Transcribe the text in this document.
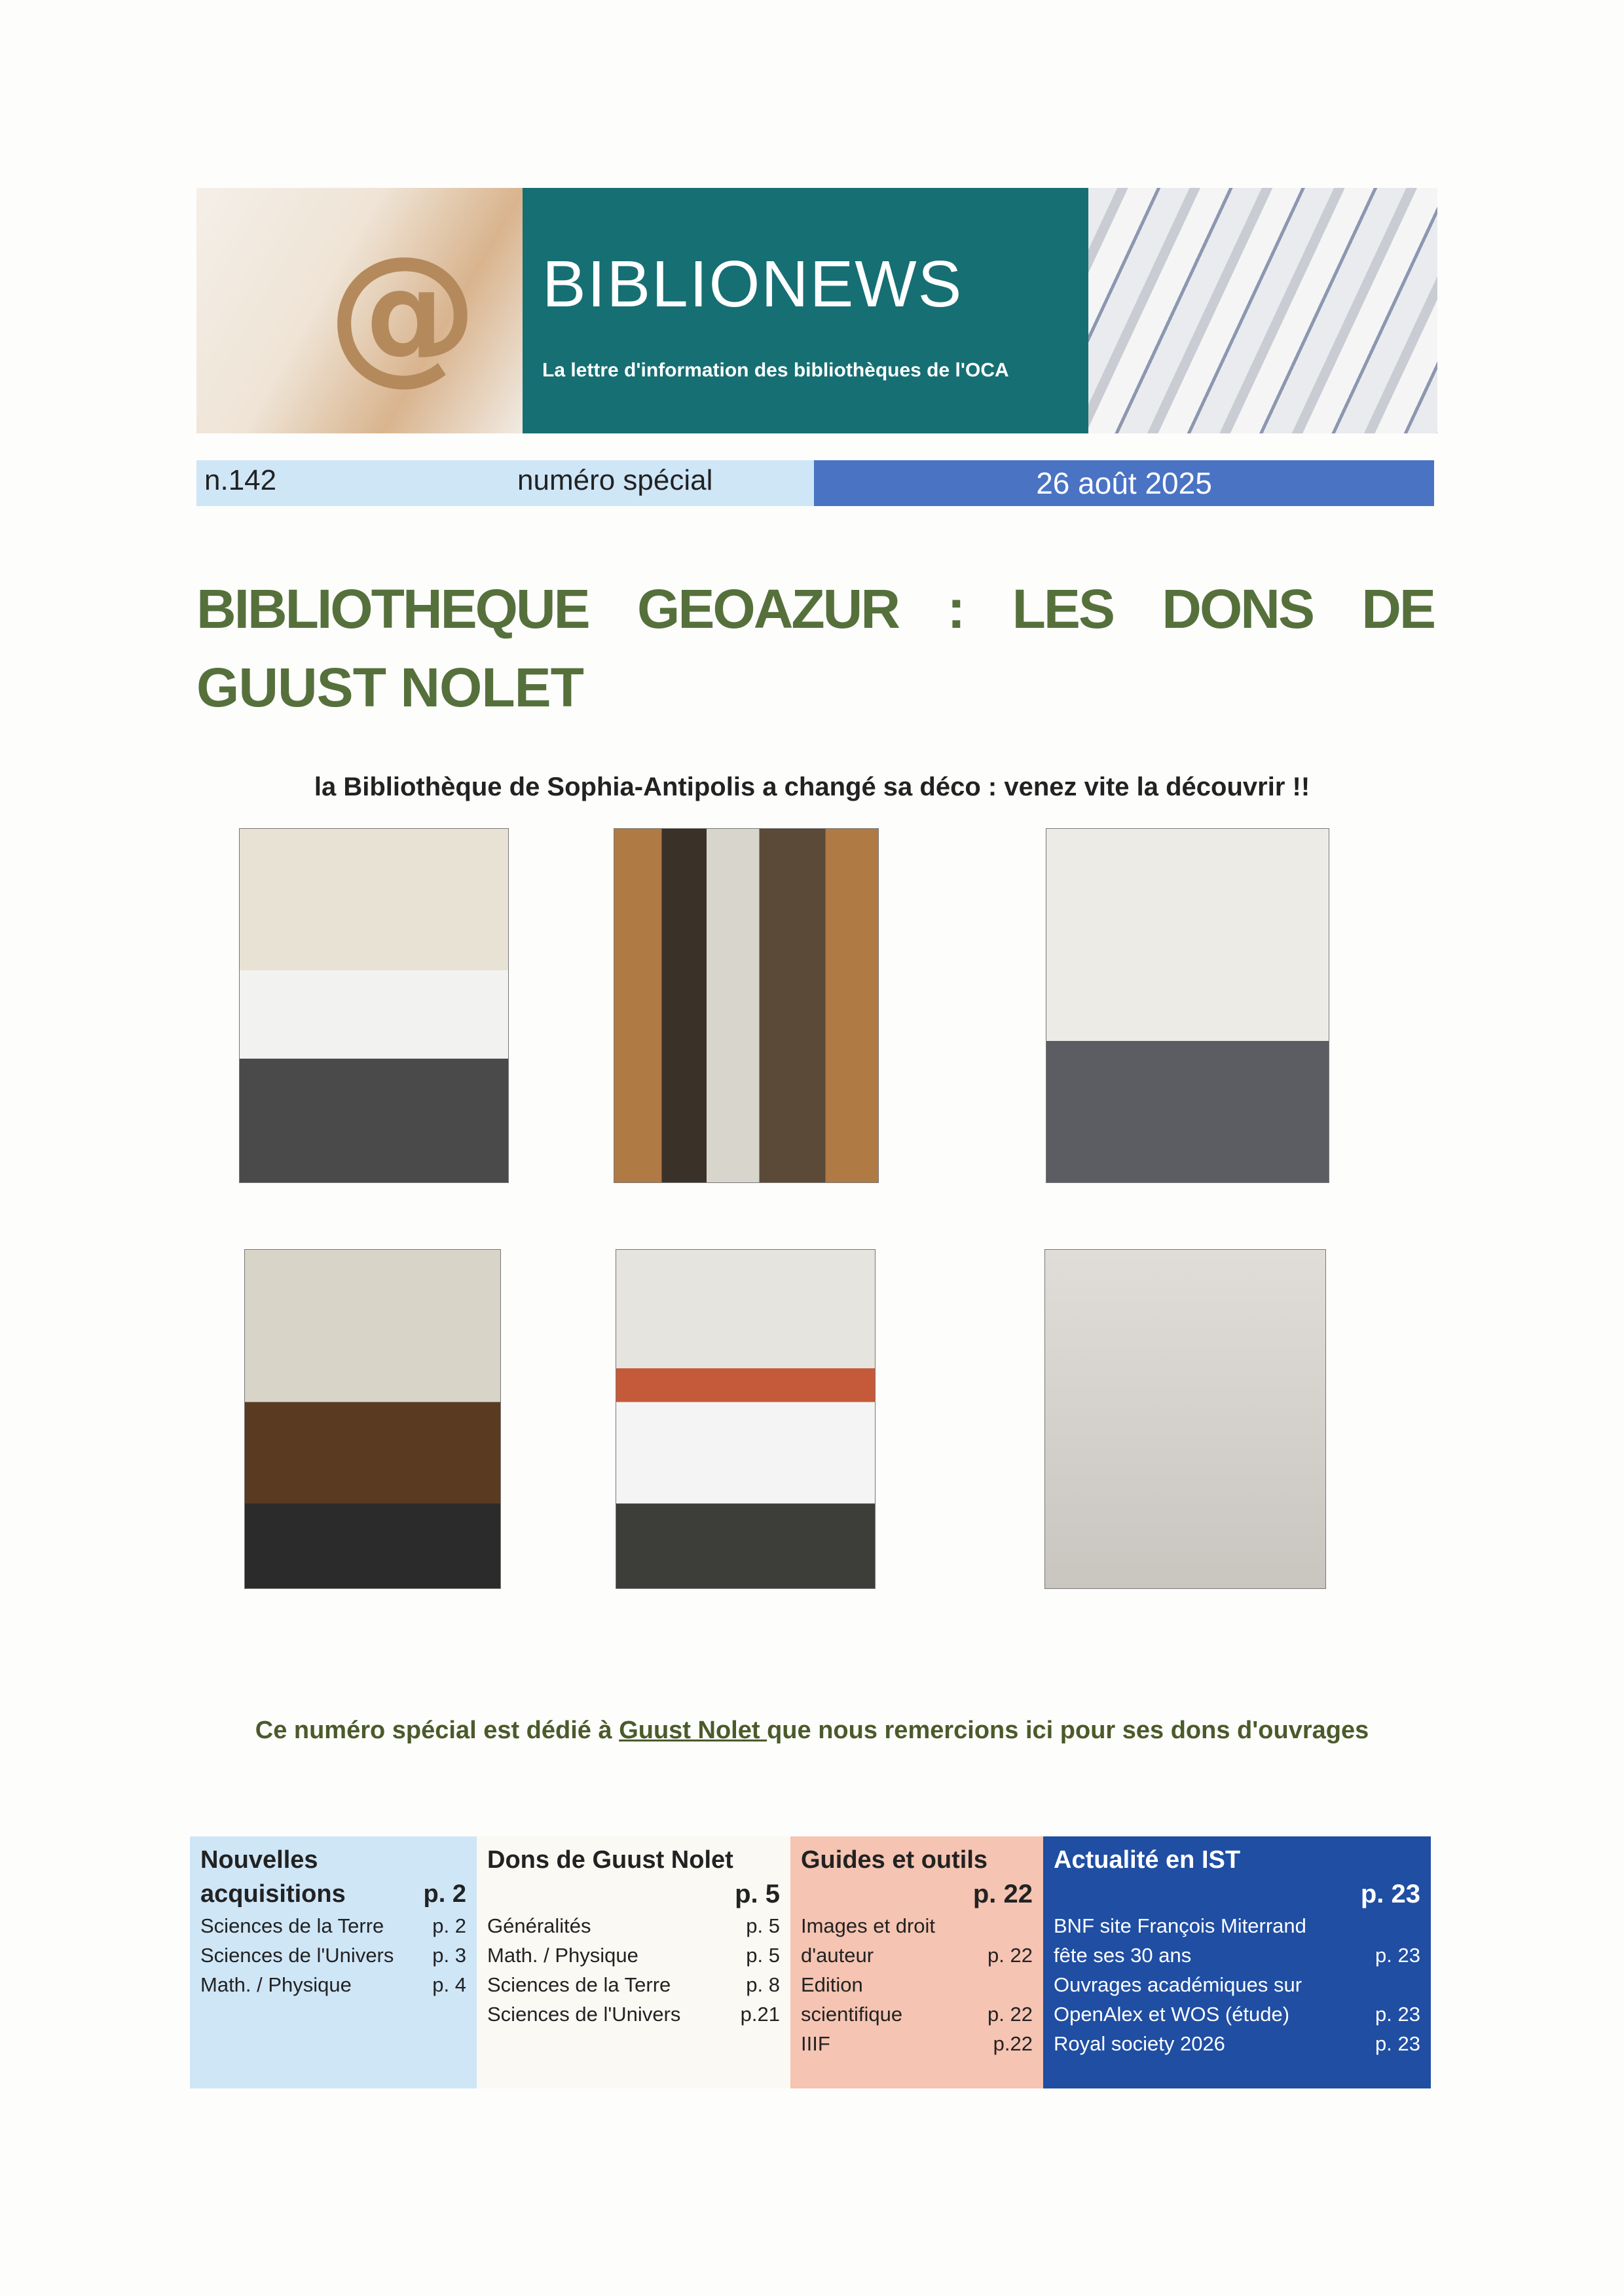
@ BIBLIONEWS
La lettre d'information des bibliothèques de l'OCA
n.142	numéro spécial	26 août 2025
BIBLIOTHEQUE GEOAZUR : LES DONS DE
GUUST NOLET
la Bibliothèque de Sophia-Antipolis a changé sa déco : venez vite la découvrir !!
Ce numéro spécial est dédié à Guust Nolet que nous remercions ici pour ses dons d'ouvrages
Nouvelles
acquisitions	p. 2
Sciences de la Terre p. 2
Sciences de l'Univers p. 3
Math. / Physique	p. 4
Dons de Guust Nolet
p. 5
Généralités	p. 5
Math. / Physique	p. 5
Sciences de la Terre	p. 8
Sciences de l'Univers	p.21
Guides et outils
p. 22
Images et droit
d'auteur	p. 22
Edition
scientifique	p. 22
IIIF	p.22
Actualité en IST
p. 23
BNF site François Miterrand
fête ses 30 ans	p. 23
Ouvrages académiques sur
OpenAlex et WOS (étude)	p. 23
Royal society 2026	p. 23
